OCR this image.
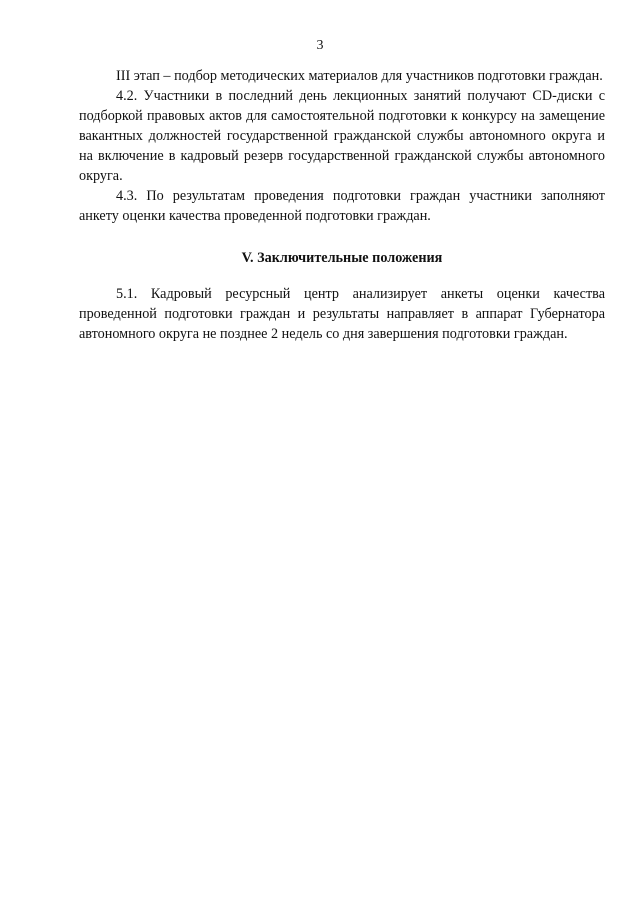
3

III этап – подбор методических материалов для участников подготовки граждан.

4.2. Участники в последний день лекционных занятий получают CD-диски с подборкой правовых актов для самостоятельной подготовки к конкурсу на замещение вакантных должностей государственной гражданской службы автономного округа и на включение в кадровый резерв государственной гражданской службы автономного округа.

4.3. По результатам проведения подготовки граждан участники заполняют анкету оценки качества проведенной подготовки граждан.

V. Заключительные положения

5.1. Кадровый ресурсный центр анализирует анкеты оценки качества проведенной подготовки граждан и результаты направляет в аппарат Губернатора автономного округа не позднее 2 недель со дня завершения подготовки граждан.
